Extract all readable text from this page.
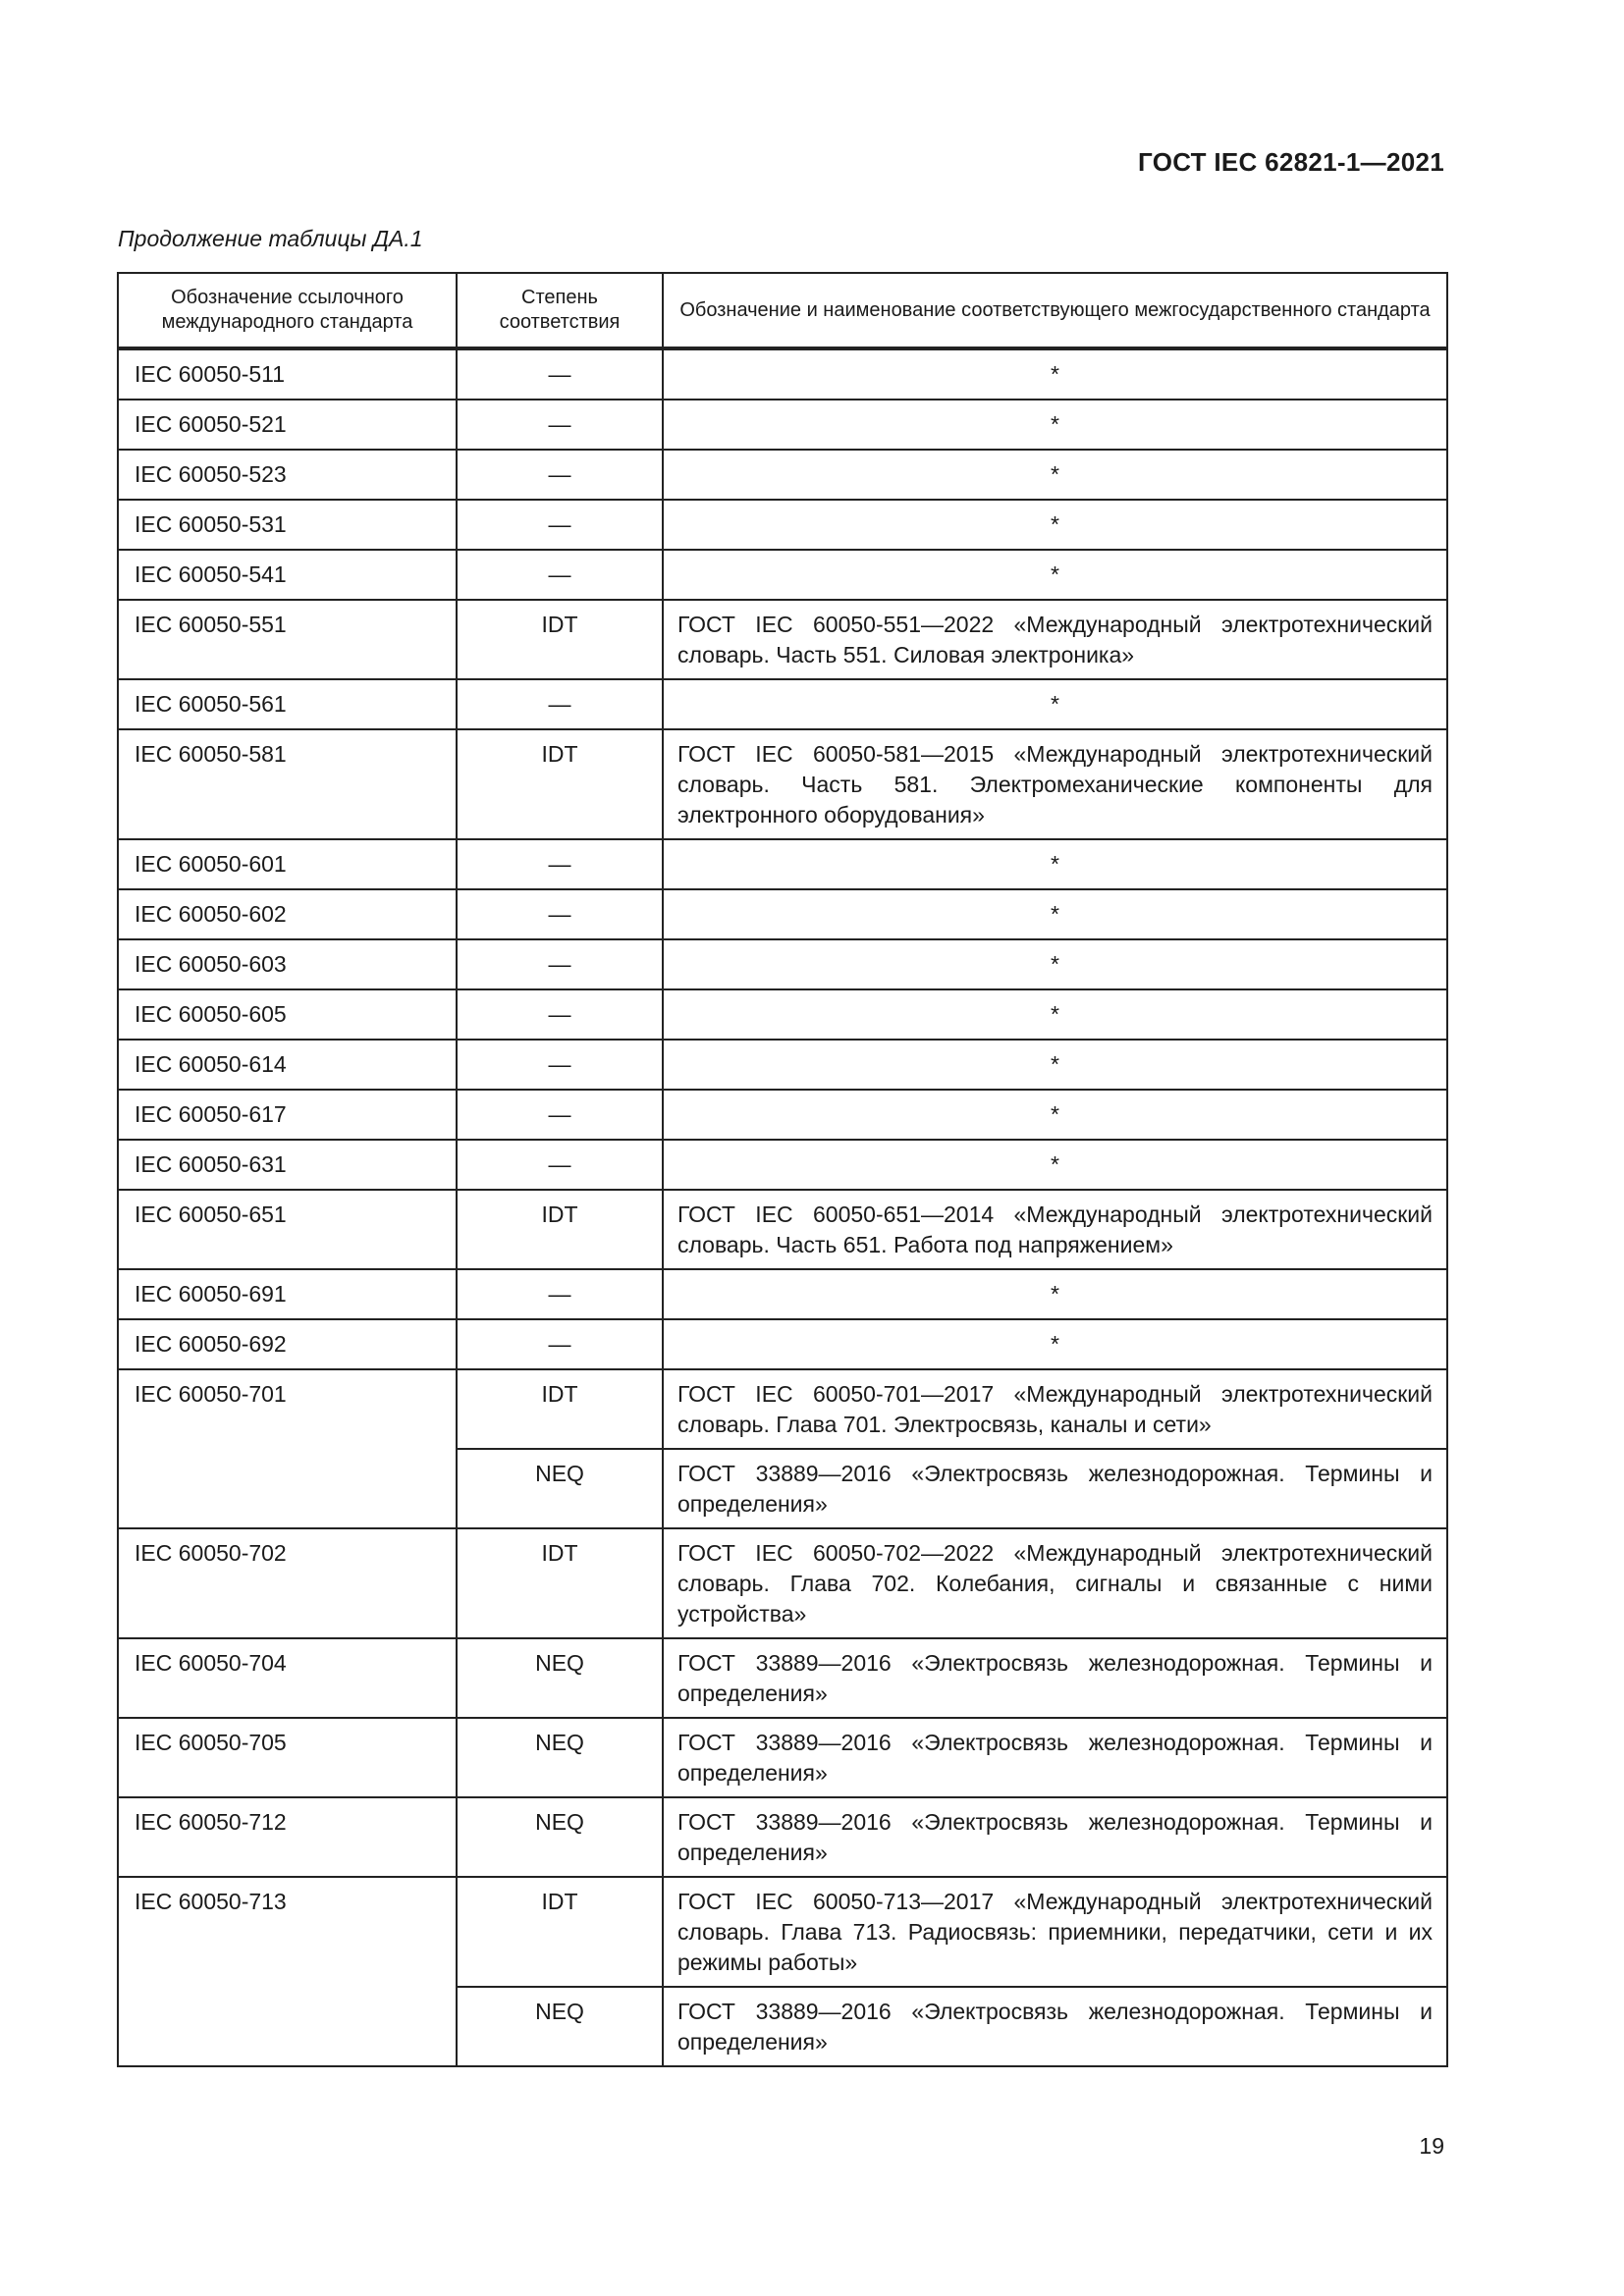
ГОСТ IEC 62821-1—2021
Продолжение таблицы ДА.1
Обозначение ссылочного международного стандарта	Степень соответствия	Обозначение и наименование соответствующего межгосударственного стандарта
IEC 60050-511	—	*
IEC 60050-521	—	*
IEC 60050-523	—	*
IEC 60050-531	—	*
IEC 60050-541	—	*
IEC 60050-551	IDT	ГОСТ IEC 60050-551—2022 «Международный электротехнический словарь. Часть 551. Силовая электроника»
IEC 60050-561	—	*
IEC 60050-581	IDT	ГОСТ IEC 60050-581—2015 «Международный электротехнический словарь. Часть 581. Электромеханические компоненты для электронного оборудования»
IEC 60050-601	—	*
IEC 60050-602	—	*
IEC 60050-603	—	*
IEC 60050-605	—	*
IEC 60050-614	—	*
IEC 60050-617	—	*
IEC 60050-631	—	*
IEC 60050-651	IDT	ГОСТ IEC 60050-651—2014 «Международный электротехнический словарь. Часть 651. Работа под напряжением»
IEC 60050-691	—	*
IEC 60050-692	—	*
IEC 60050-701	IDT	ГОСТ IEC 60050-701—2017 «Международный электротехнический словарь. Глава 701. Электросвязь, каналы и сети»
	NEQ	ГОСТ 33889—2016 «Электросвязь железнодорожная. Термины и определения»
IEC 60050-702	IDT	ГОСТ IEC 60050-702—2022 «Международный электротехнический словарь. Глава 702. Колебания, сигналы и связанные с ними устройства»
IEC 60050-704	NEQ	ГОСТ 33889—2016 «Электросвязь железнодорожная. Термины и определения»
IEC 60050-705	NEQ	ГОСТ 33889—2016 «Электросвязь железнодорожная. Термины и определения»
IEC 60050-712	NEQ	ГОСТ 33889—2016 «Электросвязь железнодорожная. Термины и определения»
IEC 60050-713	IDT	ГОСТ IEC 60050-713—2017 «Международный электротехнический словарь. Глава 713. Радиосвязь: приемники, передатчики, сети и их режимы работы»
	NEQ	ГОСТ 33889—2016 «Электросвязь железнодорожная. Термины и определения»
19
